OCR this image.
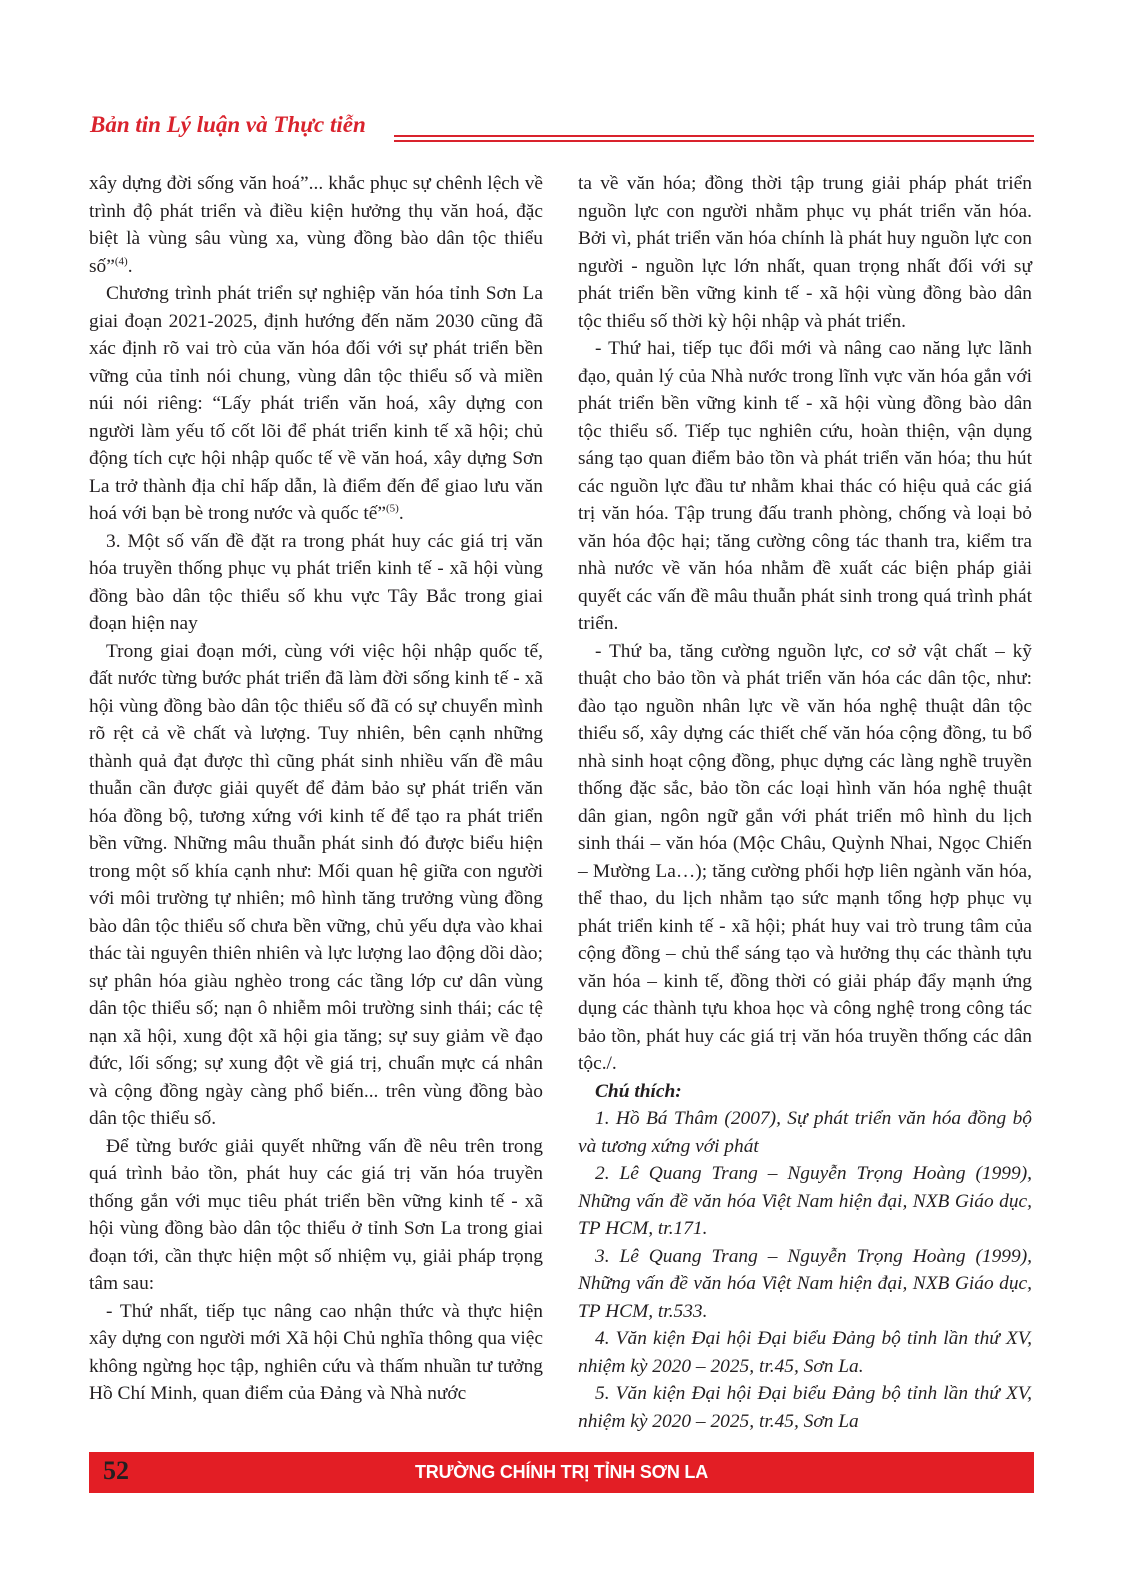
Bản tin Lý luận và Thực tiễn

xây dựng đời sống văn hoá”... khắc phục sự chênh lệch về trình độ phát triển và điều kiện hưởng thụ văn hoá, đặc biệt là vùng sâu vùng xa, vùng đồng bào dân tộc thiểu số”$^{(4)}$.

Chương trình phát triển sự nghiệp văn hóa tỉnh Sơn La giai đoạn 2021-2025, định hướng đến năm 2030 cũng đã xác định rõ vai trò của văn hóa đối với sự phát triển bền vững của tỉnh nói chung, vùng dân tộc thiểu số và miền núi nói riêng: “Lấy phát triển văn hoá, xây dựng con người làm yếu tố cốt lõi để phát triển kinh tế xã hội; chủ động tích cực hội nhập quốc tế về văn hoá, xây dựng Sơn La trở thành địa chỉ hấp dẫn, là điểm đến để giao lưu văn hoá với bạn bè trong nước và quốc tế”$^{(5)}$.

3. Một số vấn đề đặt ra trong phát huy các giá trị văn hóa truyền thống phục vụ phát triển kinh tế - xã hội vùng đồng bào dân tộc thiểu số khu vực Tây Bắc trong giai đoạn hiện nay

Trong giai đoạn mới, cùng với việc hội nhập quốc tế, đất nước từng bước phát triển đã làm đời sống kinh tế - xã hội vùng đồng bào dân tộc thiểu số đã có sự chuyển mình rõ rệt cả về chất và lượng. Tuy nhiên, bên cạnh những thành quả đạt được thì cũng phát sinh nhiều vấn đề mâu thuẫn cần được giải quyết để đảm bảo sự phát triển văn hóa đồng bộ, tương xứng với kinh tế để tạo ra phát triển bền vững. Những mâu thuẫn phát sinh đó được biểu hiện trong một số khía cạnh như: Mối quan hệ giữa con người với môi trường tự nhiên; mô hình tăng trưởng vùng đồng bào dân tộc thiểu số chưa bền vững, chủ yếu dựa vào khai thác tài nguyên thiên nhiên và lực lượng lao động dồi dào; sự phân hóa giàu nghèo trong các tầng lớp cư dân vùng dân tộc thiểu số; nạn ô nhiễm môi trường sinh thái; các tệ nạn xã hội, xung đột xã hội gia tăng; sự suy giảm về đạo đức, lối sống; sự xung đột về giá trị, chuẩn mực cá nhân và cộng đồng ngày càng phổ biến... trên vùng đồng bào dân tộc thiểu số.

Để từng bước giải quyết những vấn đề nêu trên trong quá trình bảo tồn, phát huy các giá trị văn hóa truyền thống gắn với mục tiêu phát triển bền vững kinh tế - xã hội vùng đồng bào dân tộc thiểu ở tỉnh Sơn La trong giai đoạn tới, cần thực hiện một số nhiệm vụ, giải pháp trọng tâm sau:

- Thứ nhất, tiếp tục nâng cao nhận thức và thực hiện xây dựng con người mới Xã hội Chủ nghĩa thông qua việc không ngừng học tập, nghiên cứu và thấm nhuần tư tưởng Hồ Chí Minh, quan điểm của Đảng và Nhà nước

ta về văn hóa; đồng thời tập trung giải pháp phát triển nguồn lực con người nhằm phục vụ phát triển văn hóa. Bởi vì, phát triển văn hóa chính là phát huy nguồn lực con người - nguồn lực lớn nhất, quan trọng nhất đối với sự phát triển bền vững kinh tế - xã hội vùng đồng bào dân tộc thiểu số thời kỳ hội nhập và phát triển.

- Thứ hai, tiếp tục đổi mới và nâng cao năng lực lãnh đạo, quản lý của Nhà nước trong lĩnh vực văn hóa gắn với phát triển bền vững kinh tế - xã hội vùng đồng bào dân tộc thiểu số. Tiếp tục nghiên cứu, hoàn thiện, vận dụng sáng tạo quan điểm bảo tồn và phát triển văn hóa; thu hút các nguồn lực đầu tư nhằm khai thác có hiệu quả các giá trị văn hóa. Tập trung đấu tranh phòng, chống và loại bỏ văn hóa độc hại; tăng cường công tác thanh tra, kiểm tra nhà nước về văn hóa nhằm đề xuất các biện pháp giải quyết các vấn đề mâu thuẫn phát sinh trong quá trình phát triển.

- Thứ ba, tăng cường nguồn lực, cơ sở vật chất – kỹ thuật cho bảo tồn và phát triển văn hóa các dân tộc, như: đào tạo nguồn nhân lực về văn hóa nghệ thuật dân tộc thiểu số, xây dựng các thiết chế văn hóa cộng đồng, tu bổ nhà sinh hoạt cộng đồng, phục dựng các làng nghề truyền thống đặc sắc, bảo tồn các loại hình văn hóa nghệ thuật dân gian, ngôn ngữ gắn với phát triển mô hình du lịch sinh thái – văn hóa (Mộc Châu, Quỳnh Nhai, Ngọc Chiến – Mường La…); tăng cường phối hợp liên ngành văn hóa, thể thao, du lịch nhằm tạo sức mạnh tổng hợp phục vụ phát triển kinh tế - xã hội; phát huy vai trò trung tâm của cộng đồng – chủ thể sáng tạo và hưởng thụ các thành tựu văn hóa – kinh tế, đồng thời có giải pháp đẩy mạnh ứng dụng các thành tựu khoa học và công nghệ trong công tác bảo tồn, phát huy các giá trị văn hóa truyền thống các dân tộc./.

Chú thích:

1. Hồ Bá Thâm (2007), Sự phát triển văn hóa đồng bộ và tương xứng với phát

2. Lê Quang Trang – Nguyễn Trọng Hoàng (1999), Những vấn đề văn hóa Việt Nam hiện đại, NXB Giáo dục, TP HCM, tr.171.

3. Lê Quang Trang – Nguyễn Trọng Hoàng (1999), Những vấn đề văn hóa Việt Nam hiện đại, NXB Giáo dục, TP HCM, tr.533.

4. Văn kiện Đại hội Đại biểu Đảng bộ tỉnh lần thứ XV, nhiệm kỳ 2020 – 2025, tr.45, Sơn La.

5. Văn kiện Đại hội Đại biểu Đảng bộ tỉnh lần thứ XV, nhiệm kỳ 2020 – 2025, tr.45, Sơn La

52	TRƯỜNG CHÍNH TRỊ TỈNH SƠN LA
